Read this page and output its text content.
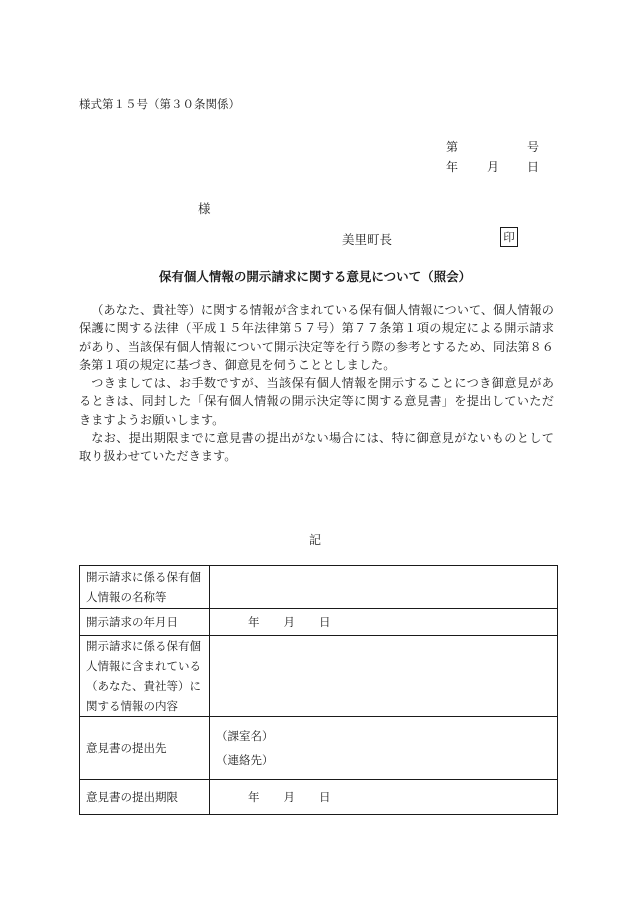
様式第１５号（第３０条関係）
第	号
年 月 日
様
美里町長	印
保有個人情報の開示請求に関する意見について（照会）

（あなた、貴社等）に関する情報が含まれている保有個人情報について、個人情報の保護に関する法律（平成１５年法律第５７号）第７７条第１項の規定による開示請求があり、当該保有個人情報について開示決定等を行う際の参考とするため、同法第８６条第１項の規定に基づき、御意見を伺うこととしました。

つきましては、お手数ですが、当該保有個人情報を開示することにつき御意見があるときは、同封した「保有個人情報の開示決定等に関する意見書」を提出していただきますようお願いします。

なお、提出期限までに意見書の提出がない場合には、特に御意見がないものとして取り扱わせていただきます。

記
開示請求に係る保有個人情報の名称等	
開示請求の年月日	年 月 日
開示請求に係る保有個人情報に含まれている（あなた、貴社等）に関する情報の内容	
意見書の提出先	（課室名）
（連絡先）

意見書の提出期限	年 月 日
